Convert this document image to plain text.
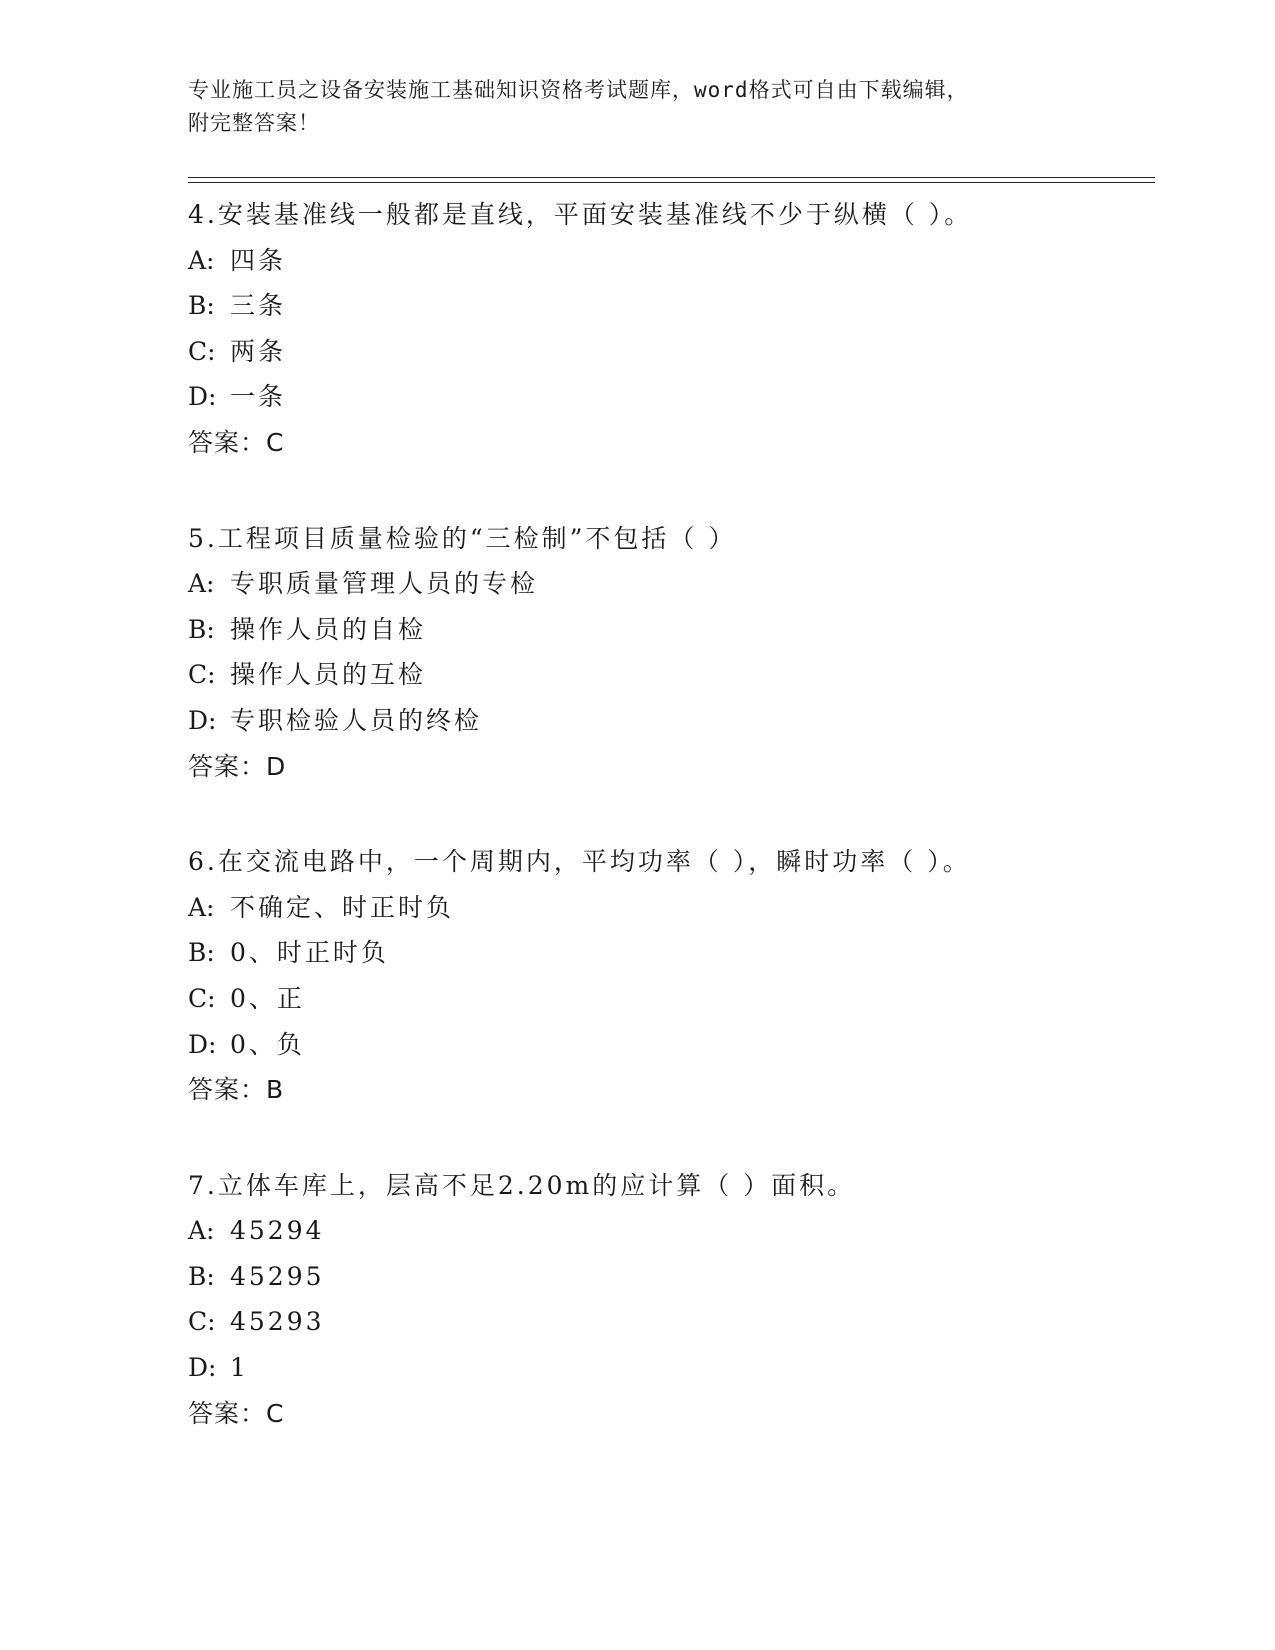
专业施工员之设备安装施工基础知识资格考试题库，word格式可自由下载编辑，
附完整答案！
4.安装基准线一般都是直线，平面安装基准线不少于纵横（ ）。
A: 四条
B: 三条
C: 两条
D: 一条
答案：C
5.工程项目质量检验的“三检制”不包括（ ）
A: 专职质量管理人员的专检
B: 操作人员的自检
C: 操作人员的互检
D: 专职检验人员的终检
答案：D
6.在交流电路中，一个周期内，平均功率（ ），瞬时功率（ ）。
A: 不确定、时正时负
B: 0、时正时负
C: 0、正
D: 0、负
答案：B
7.立体车库上，层高不足2.20m的应计算（ ）面积。
A: 45294
B: 45295
C: 45293
D: 1
答案：C
